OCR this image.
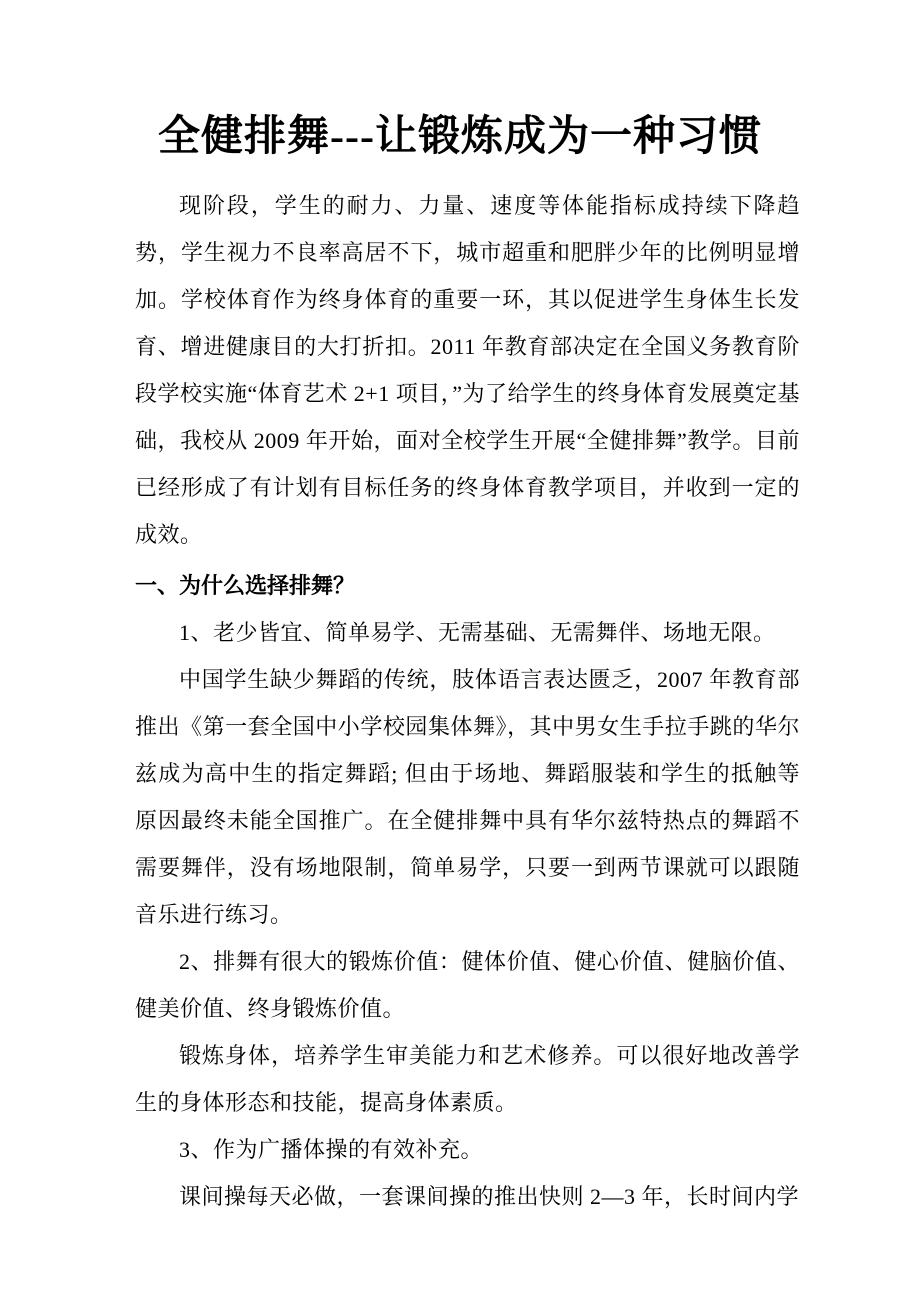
全健排舞---让锻炼成为一种习惯

现阶段，学生的耐力、力量、速度等体能指标成持续下降趋势，学生视力不良率高居不下，城市超重和肥胖少年的比例明显增加。学校体育作为终身体育的重要一环，其以促进学生身体生长发育、增进健康目的大打折扣。2011 年教育部决定在全国义务教育阶段学校实施“体育艺术 2+1 项目，”为了给学生的终身体育发展奠定基础，我校从 2009 年开始，面对全校学生开展“全健排舞”教学。目前已经形成了有计划有目标任务的终身体育教学项目，并收到一定的成效。

一、为什么选择排舞？

1、老少皆宜、简单易学、无需基础、无需舞伴、场地无限。

中国学生缺少舞蹈的传统，肢体语言表达匮乏，2007 年教育部推出《第一套全国中小学校园集体舞》，其中男女生手拉手跳的华尔兹成为高中生的指定舞蹈; 但由于场地、舞蹈服装和学生的抵触等原因最终未能全国推广。在全健排舞中具有华尔兹特热点的舞蹈不需要舞伴，没有场地限制，简单易学，只要一到两节课就可以跟随音乐进行练习。

2、排舞有很大的锻炼价值：健体价值、健心价值、健脑价值、健美价值、终身锻炼价值。

锻炼身体，培养学生审美能力和艺术修养。可以很好地改善学生的身体形态和技能，提高身体素质。

3、作为广播体操的有效补充。

课间操每天必做，一套课间操的推出快则 2—3 年，长时间内学
